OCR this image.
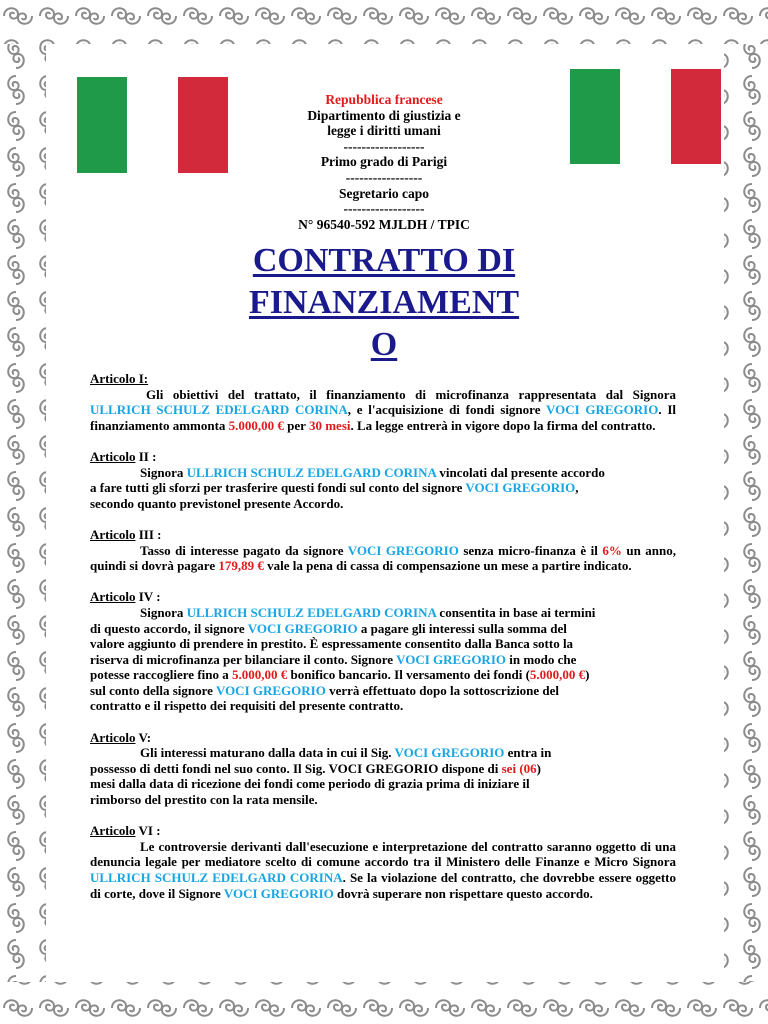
Repubblica francese
Dipartimento di giustizia e
legge i diritti umani
------------------
Primo grado di Parigi
-----------------
Segretario capo
------------------
N° 96540-592 MJLDH / TPIC
CONTRATTO DI
FINANZIAMENT
O
Articolo I:
Gli obiettivi del trattato, il finanziamento di microfinanza rappresentata dal Signora ULLRICH SCHULZ EDELGARD CORINA, e l'acquisizione di fondi signore VOCI GREGORIO. Il finanziamento ammonta 5.000,00 € per 30 mesi. La legge entrerà in vigore dopo la firma del contratto.
Articolo II :
Signora ULLRICH SCHULZ EDELGARD CORINA vincolati dal presente accordo
a fare tutti gli sforzi per trasferire questi fondi sul conto del signore VOCI GREGORIO,
secondo quanto previstonel presente Accordo.
Articolo III :
Tasso di interesse pagato da signore VOCI GREGORIO senza micro-finanza è il 6% un anno, quindi si dovrà pagare 179,89 € vale la pena di cassa di compensazione un mese a partire indicato.
Articolo IV :
Signora ULLRICH SCHULZ EDELGARD CORINA consentita in base ai termini
di questo accordo, il signore VOCI GREGORIO a pagare gli interessi sulla somma del
valore aggiunto di prendere in prestito. È espressamente consentito dalla Banca sotto la
riserva di microfinanza per bilanciare il conto. Signore VOCI GREGORIO in modo che
potesse raccogliere fino a 5.000,00 € bonifico bancario. Il versamento dei fondi (5.000,00 €)
sul conto della signore VOCI GREGORIO verrà effettuato dopo la sottoscrizione del
contratto e il rispetto dei requisiti del presente contratto.
Articolo V:
Gli interessi maturano dalla data in cui il Sig. VOCI GREGORIO entra in
possesso di detti fondi nel suo conto. Il Sig. VOCI GREGORIO dispone di sei (06)
mesi dalla data di ricezione dei fondi come periodo di grazia prima di iniziare il
rimborso del prestito con la rata mensile.
Articolo VI :
Le controversie derivanti dall'esecuzione e interpretazione del contratto saranno oggetto di una denuncia legale per mediatore scelto di comune accordo tra il Ministero delle Finanze e Micro Signora ULLRICH SCHULZ EDELGARD CORINA. Se la violazione del contratto, che dovrebbe essere oggetto di corte, dove il Signore VOCI GREGORIO dovrà superare non rispettare questo accordo.
